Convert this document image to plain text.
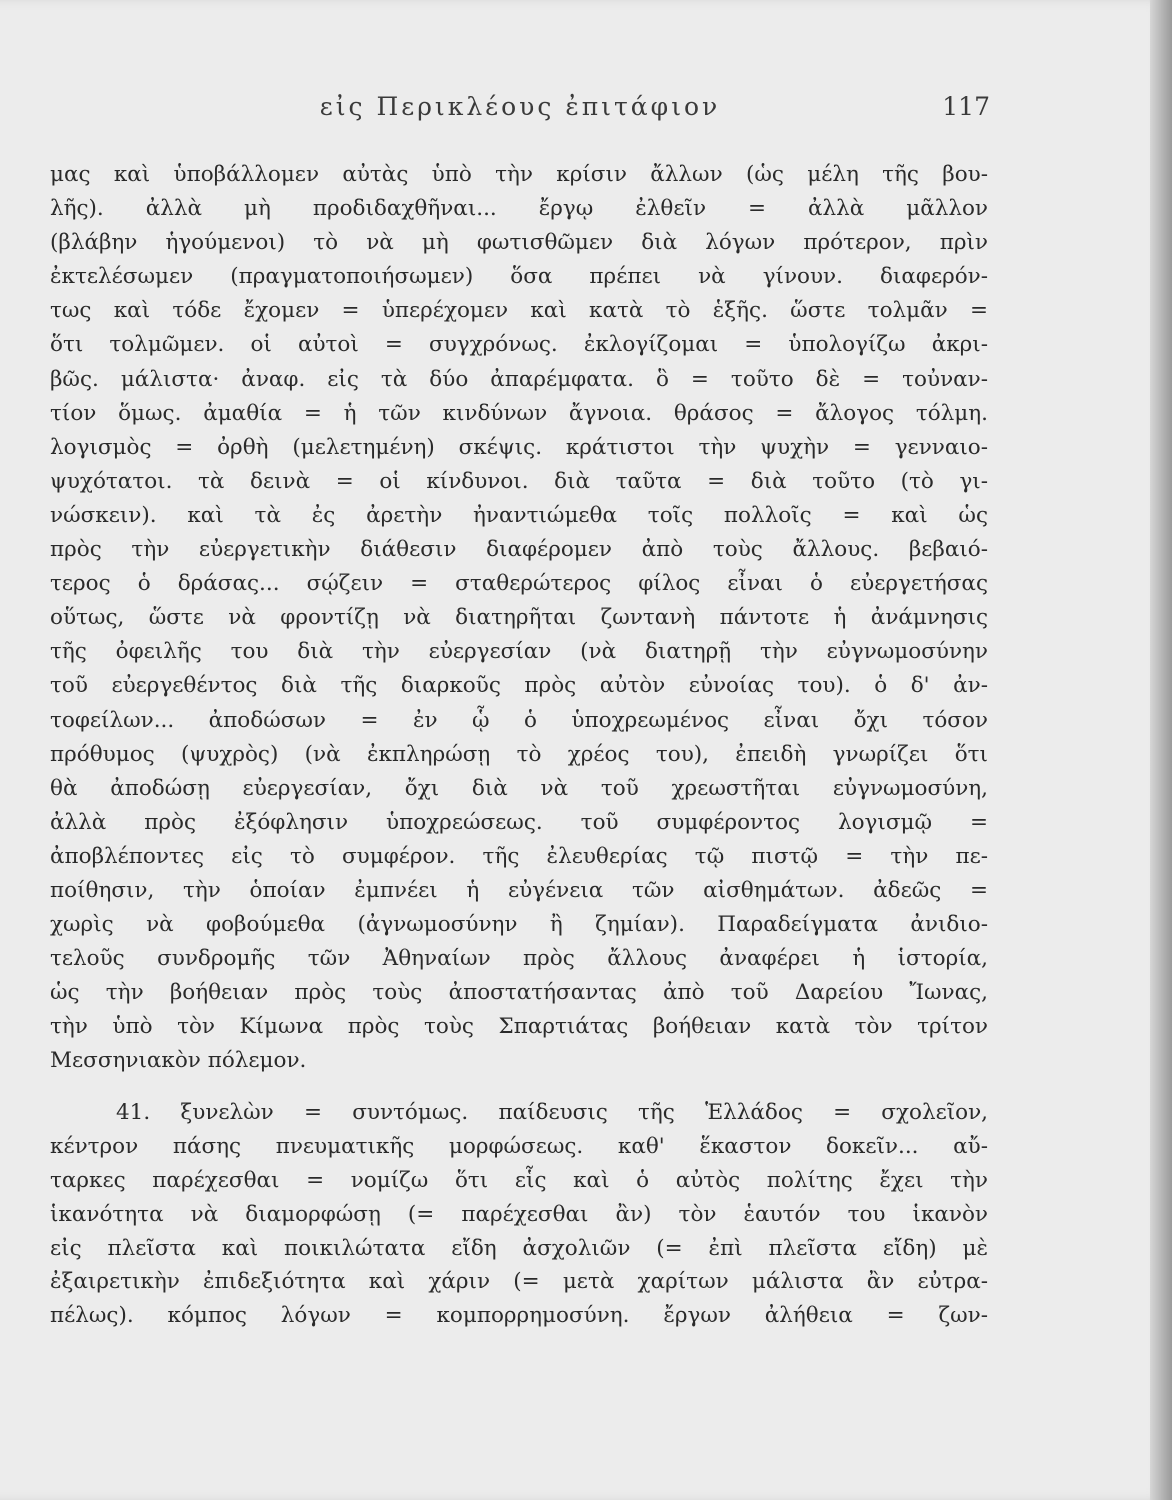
εἰς Περικλέους ἐπιτάφιον	117
μας καὶ ὑποβάλλομεν αὐτὰς ὑπὸ τὴν κρίσιν ἄλλων (ὡς μέλη τῆς βου-
λῆς). ἀλλὰ μὴ προδιδαχθῆναι... ἔργῳ ἐλθεῖν = ἀλλὰ μᾶλλον
(βλάβην ἡγούμενοι) τὸ νὰ μὴ φωτισθῶμεν διὰ λόγων πρότερον, πρὶν
ἐκτελέσωμεν (πραγματοποιήσωμεν) ὅσα πρέπει νὰ γίνουν. διαφερόν-
τως καὶ τόδε ἔχομεν = ὑπερέχομεν καὶ κατὰ τὸ ἑξῆς. ὥστε τολμᾶν =
ὅτι τολμῶμεν. οἱ αὐτοὶ = συγχρόνως. ἐκλογίζομαι = ὑπολογίζω ἀκρι-
βῶς. μάλιστα· ἀναφ. εἰς τὰ δύο ἀπαρέμφατα. ὃ = τοῦτο δὲ = τοὐναν-
τίον ὅμως. ἀμαθία = ἡ τῶν κινδύνων ἄγνοια. θράσος = ἄλογος τόλμη.
λογισμὸς = ὀρθὴ (μελετημένη) σκέψις. κράτιστοι τὴν ψυχὴν = γενναιο-
ψυχότατοι. τὰ δεινὰ = οἱ κίνδυνοι. διὰ ταῦτα = διὰ τοῦτο (τὸ γι-
νώσκειν). καὶ τὰ ἐς ἀρετὴν ἠναντιώμεθα τοῖς πολλοῖς = καὶ ὡς
πρὸς τὴν εὐεργετικὴν διάθεσιν διαφέρομεν ἀπὸ τοὺς ἄλλους. βεβαιό-
τερος ὁ δράσας... σῴζειν = σταθερώτερος φίλος εἶναι ὁ εὐεργετήσας
οὕτως, ὥστε νὰ φροντίζῃ νὰ διατηρῆται ζωντανὴ πάντοτε ἡ ἀνάμνησις
τῆς ὀφειλῆς του διὰ τὴν εὐεργεσίαν (νὰ διατηρῇ τὴν εὐγνωμοσύνην
τοῦ εὐεργεθέντος διὰ τῆς διαρκοῦς πρὸς αὐτὸν εὐνοίας του). ὁ δ' ἀν-
τοφείλων... ἀποδώσων = ἐν ᾧ ὁ ὑποχρεωμένος εἶναι ὄχι τόσον
πρόθυμος (ψυχρὸς) (νὰ ἐκπληρώσῃ τὸ χρέος του), ἐπειδὴ γνωρίζει ὅτι
θὰ ἀποδώσῃ εὐεργεσίαν, ὄχι διὰ νὰ τοῦ χρεωστῆται εὐγνωμοσύνη,
ἀλλὰ πρὸς ἐξόφλησιν ὑποχρεώσεως. τοῦ συμφέροντος λογισμῷ =
ἀποβλέποντες εἰς τὸ συμφέρον. τῆς ἐλευθερίας τῷ πιστῷ = τὴν πε-
ποίθησιν, τὴν ὁποίαν ἐμπνέει ἡ εὐγένεια τῶν αἰσθημάτων. ἀδεῶς =
χωρὶς νὰ φοβούμεθα (ἀγνωμοσύνην ἢ ζημίαν). Παραδείγματα ἀνιδιο-
τελοῦς συνδρομῆς τῶν Ἀθηναίων πρὸς ἄλλους ἀναφέρει ἡ ἱστορία,
ὡς τὴν βοήθειαν πρὸς τοὺς ἀποστατήσαντας ἀπὸ τοῦ Δαρείου Ἴωνας,
τὴν ὑπὸ τὸν Κίμωνα πρὸς τοὺς Σπαρτιάτας βοήθειαν κατὰ τὸν τρίτον
Μεσσηνιακὸν πόλεμον.
41. ξυνελὼν = συντόμως. παίδευσις τῆς Ἑλλάδος = σχολεῖον,
κέντρον πάσης πνευματικῆς μορφώσεως. καθ' ἕκαστον δοκεῖν... αὔ-
ταρκες παρέχεσθαι = νομίζω ὅτι εἷς καὶ ὁ αὐτὸς πολίτης ἔχει τὴν
ἱκανότητα νὰ διαμορφώσῃ (= παρέχεσθαι ἂν) τὸν ἑαυτόν του ἱκανὸν
εἰς πλεῖστα καὶ ποικιλώτατα εἴδη ἀσχολιῶν (= ἐπὶ πλεῖστα εἴδη) μὲ
ἐξαιρετικὴν ἐπιδεξιότητα καὶ χάριν (= μετὰ χαρίτων μάλιστα ἂν εὐτρα-
πέλως). κόμπος λόγων = κομπορρημοσύνη. ἔργων ἀλήθεια = ζων-
